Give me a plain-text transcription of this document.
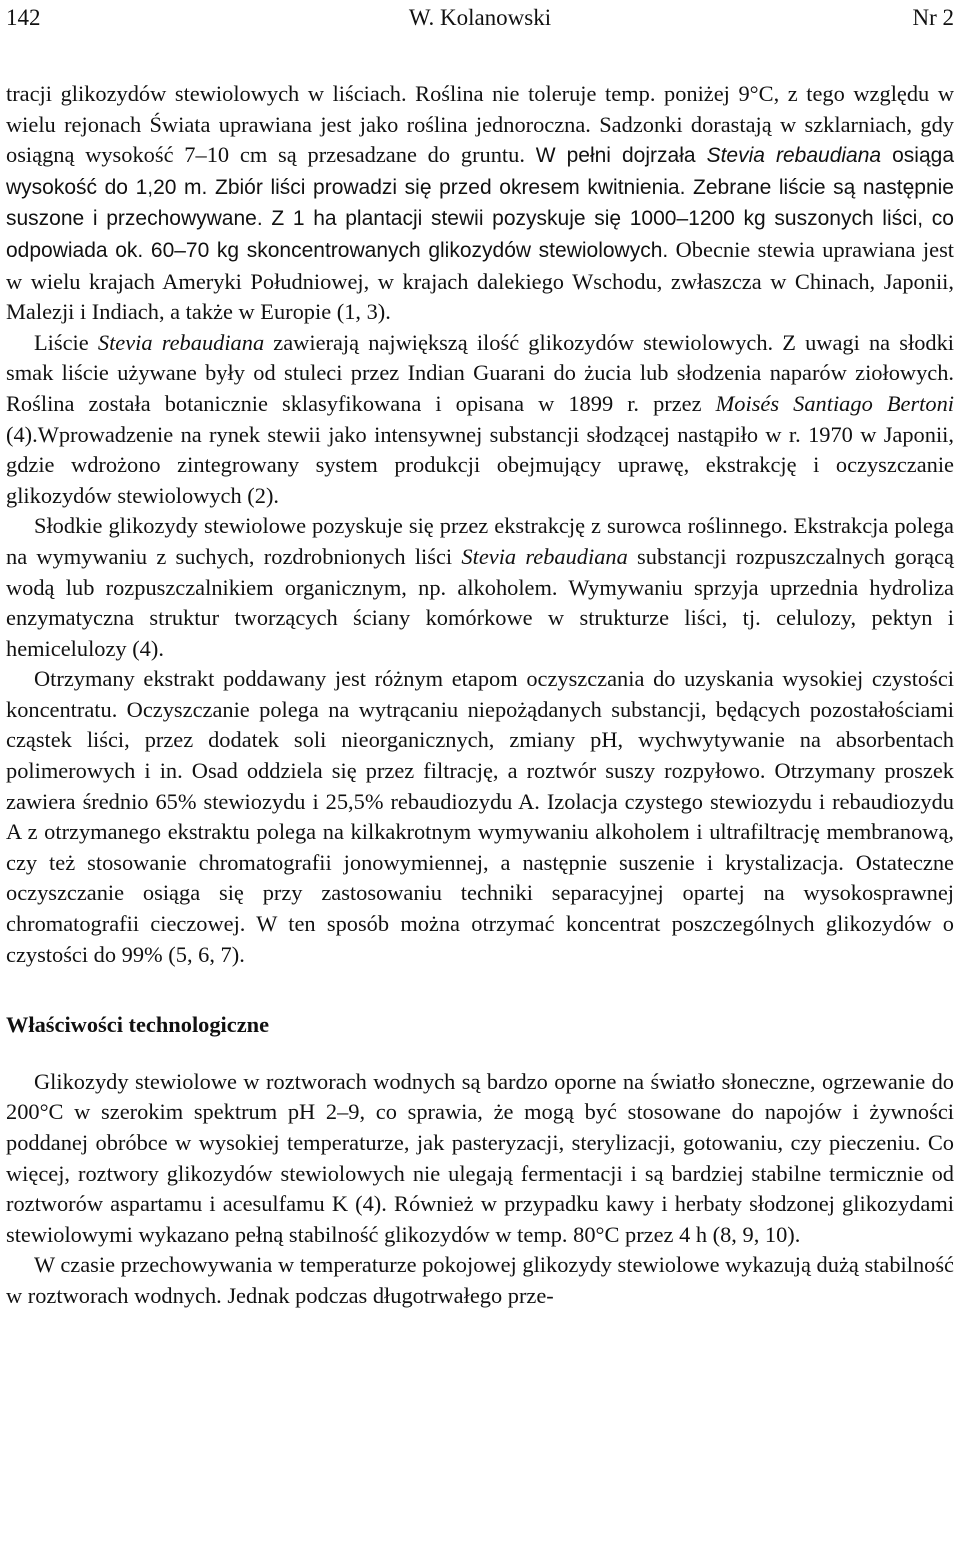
142	W. Kolanowski	Nr 2

tracji glikozydów stewiolowych w liściach. Roślina nie toleruje temp. poniżej 9°C, z tego względu w wielu rejonach Świata uprawiana jest jako roślina jednoroczna. Sadzonki dorastają w szklarniach, gdy osiągną wysokość 7–10 cm są przesadzane do gruntu. W pełni dojrzała Stevia rebaudiana osiąga wysokość do 1,20 m. Zbiór liści prowadzi się przed okresem kwitnienia. Zebrane liście są następnie suszone i przechowywane. Z 1 ha plantacji stewii pozyskuje się 1000–1200 kg suszonych liści, co odpowiada ok. 60–70 kg skoncentrowanych glikozydów stewiolowych. Obecnie stewia uprawiana jest w wielu krajach Ameryki Południowej, w krajach dalekiego Wschodu, zwłaszcza w Chinach, Japonii, Malezji i Indiach, a także w Europie (1, 3).

Liście Stevia rebaudiana zawierają największą ilość glikozydów stewiolowych. Z uwagi na słodki smak liście używane były od stuleci przez Indian Guarani do żucia lub słodzenia naparów ziołowych. Roślina została botanicznie sklasyfikowana i opisana w 1899 r. przez Moisés Santiago Bertoni (4).Wprowadzenie na rynek stewii jako intensywnej substancji słodzącej nastąpiło w r. 1970 w Japonii, gdzie wdrożono zintegrowany system produkcji obejmujący uprawę, ekstrakcję i oczyszczanie glikozydów stewiolowych (2).

Słodkie glikozydy stewiolowe pozyskuje się przez ekstrakcję z surowca roślinnego. Ekstrakcja polega na wymywaniu z suchych, rozdrobnionych liści Stevia rebaudiana substancji rozpuszczalnych gorącą wodą lub rozpuszczalnikiem organicznym, np. alkoholem. Wymywaniu sprzyja uprzednia hydroliza enzymatyczna struktur tworzących ściany komórkowe w strukturze liści, tj. celulozy, pektyn i hemicelulozy (4).

Otrzymany ekstrakt poddawany jest różnym etapom oczyszczania do uzyskania wysokiej czystości koncentratu. Oczyszczanie polega na wytrącaniu niepożądanych substancji, będących pozostałościami cząstek liści, przez dodatek soli nieorganicznych, zmiany pH, wychwytywanie na absorbentach polimerowych i in. Osad oddziela się przez filtrację, a roztwór suszy rozpyłowo. Otrzymany proszek zawiera średnio 65% stewiozydu i 25,5% rebaudiozydu A. Izolacja czystego stewiozydu i rebaudiozydu A z otrzymanego ekstraktu polega na kilkakrotnym wymywaniu alkoholem i ultrafiltrację membranową, czy też stosowanie chromatografii jonowymiennej, a następnie suszenie i krystalizacja. Ostateczne oczyszczanie osiąga się przy zastosowaniu techniki separacyjnej opartej na wysokosprawnej chromatografii cieczowej. W ten sposób można otrzymać koncentrat poszczególnych glikozydów o czystości do 99% (5, 6, 7).

Właściwości technologiczne

Glikozydy stewiolowe w roztworach wodnych są bardzo oporne na światło słoneczne, ogrzewanie do 200°C w szerokim spektrum pH 2–9, co sprawia, że mogą być stosowane do napojów i żywności poddanej obróbce w wysokiej temperaturze, jak pasteryzacji, sterylizacji, gotowaniu, czy pieczeniu. Co więcej, roztwory glikozydów stewiolowych nie ulegają fermentacji i są bardziej stabilne termicznie od roztworów aspartamu i acesulfamu K (4). Również w przypadku kawy i herbaty słodzonej glikozydami stewiolowymi wykazano pełną stabilność glikozydów w temp. 80°C przez 4 h (8, 9, 10).

W czasie przechowywania w temperaturze pokojowej glikozydy stewiolowe wykazują dużą stabilność w roztworach wodnych. Jednak podczas długotrwałego prze-
